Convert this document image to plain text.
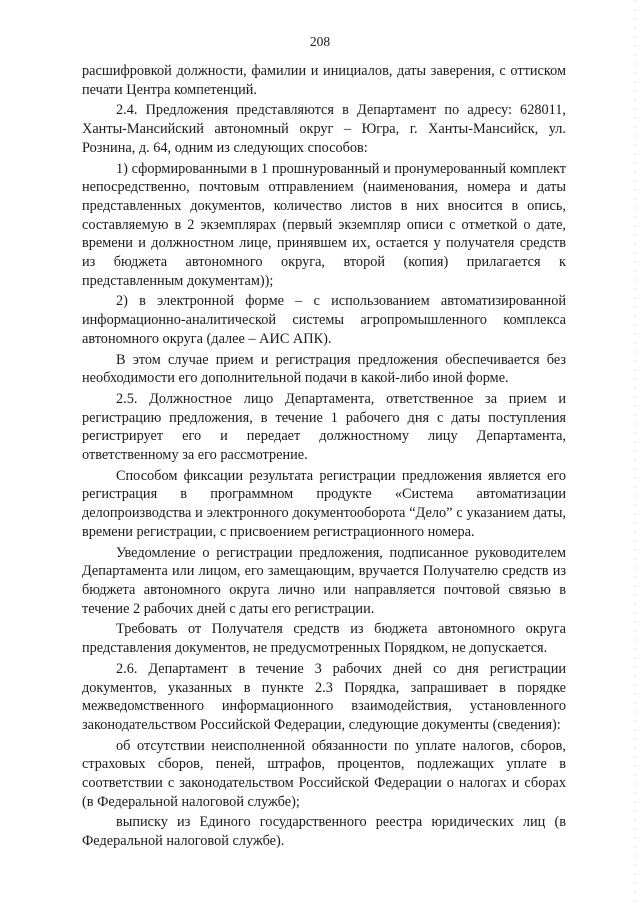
208

расшифровкой должности, фамилии и инициалов, даты заверения, с оттиском печати Центра компетенций.

2.4. Предложения представляются в Департамент по адресу: 628011, Ханты-Мансийский автономный округ – Югра, г. Ханты-Мансийск, ул. Рознина, д. 64, одним из следующих способов:

1) сформированными в 1 прошнурованный и пронумерованный комплект непосредственно, почтовым отправлением (наименования, номера и даты представленных документов, количество листов в них вносится в опись, составляемую в 2 экземплярах (первый экземпляр описи с отметкой о дате, времени и должностном лице, принявшем их, остается у получателя средств из бюджета автономного округа, второй (копия) прилагается к представленным документам));

2) в электронной форме – с использованием автоматизированной информационно-аналитической системы агропромышленного комплекса автономного округа (далее – АИС АПК).

В этом случае прием и регистрация предложения обеспечивается без необходимости его дополнительной подачи в какой-либо иной форме.

2.5. Должностное лицо Департамента, ответственное за прием и регистрацию предложения, в течение 1 рабочего дня с даты поступления регистрирует его и передает должностному лицу Департамента, ответственному за его рассмотрение.

Способом фиксации результата регистрации предложения является его регистрация в программном продукте «Система автоматизации делопроизводства и электронного документооборота “Дело” с указанием даты, времени регистрации, с присвоением регистрационного номера.

Уведомление о регистрации предложения, подписанное руководителем Департамента или лицом, его замещающим, вручается Получателю средств из бюджета автономного округа лично или направляется почтовой связью в течение 2 рабочих дней с даты его регистрации.

Требовать от Получателя средств из бюджета автономного округа представления документов, не предусмотренных Порядком, не допускается.

2.6. Департамент в течение 3 рабочих дней со дня регистрации документов, указанных в пункте 2.3 Порядка, запрашивает в порядке межведомственного информационного взаимодействия, установленного законодательством Российской Федерации, следующие документы (сведения):

об отсутствии неисполненной обязанности по уплате налогов, сборов, страховых сборов, пеней, штрафов, процентов, подлежащих уплате в соответствии с законодательством Российской Федерации о налогах и сборах (в Федеральной налоговой службе);

выписку из Единого государственного реестра юридических лиц (в Федеральной налоговой службе).
